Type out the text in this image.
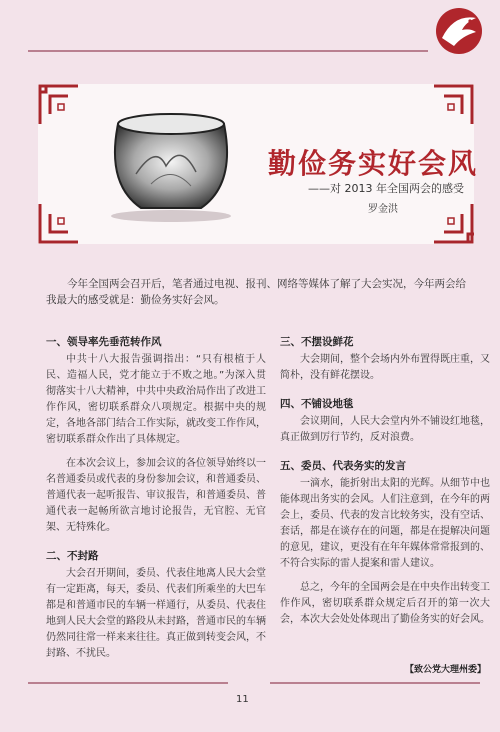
勤俭务实好会风
——对 2013 年全国两会的感受
罗金洪
今年全国两会召开后，笔者通过电视、报刊、网络等媒体了解了大会实况，今年两会给我最大的感受就是：勤俭务实好会风。
一、领导率先垂范转作风

中共十八大报告强调指出：“只有根植于人民、造福人民，党才能立于不败之地。”为深入贯彻落实十八大精神，中共中央政治局作出了改进工作作风，密切联系群众八项规定。根据中央的规定，各地各部门结合工作实际，就改变工作作风，密切联系群众作出了具体规定。

在本次会议上，参加会议的各位领导始终以一名普通委员或代表的身份参加会议，和普通委员、普通代表一起听报告、审议报告，和普通委员、普通代表一起畅所欲言地讨论报告，无官腔、无官架、无特殊化。

二、不封路

大会召开期间，委员、代表住地离人民大会堂有一定距离，每天，委员、代表们所乘坐的大巴车都是和普通市民的车辆一样通行，从委员、代表住地到人民大会堂的路段从未封路，普通市民的车辆仍然同往常一样来来往往。真正做到转变会风，不封路、不扰民。

三、不摆设鲜花

大会期间，整个会场内外布置得既庄重，又简朴，没有鲜花摆设。

四、不铺设地毯

会议期间，人民大会堂内外不铺设红地毯，真正做到厉行节约，反对浪费。

五、委员、代表务实的发言

一滴水，能折射出太阳的光辉。从细节中也能体现出务实的会风。人们注意到，在今年的两会上，委员、代表的发言比较务实，没有空话、套话，都是在谈存在的问题，都是在提解决问题的意见，建议，更没有在年年媒体常常报到的、不符合实际的雷人提案和雷人建议。

总之，今年的全国两会是在中央作出转变工作作风，密切联系群众规定后召开的第一次大会，本次大会处处体现出了勤俭务实的好会风。

【致公党大理州委】
11
